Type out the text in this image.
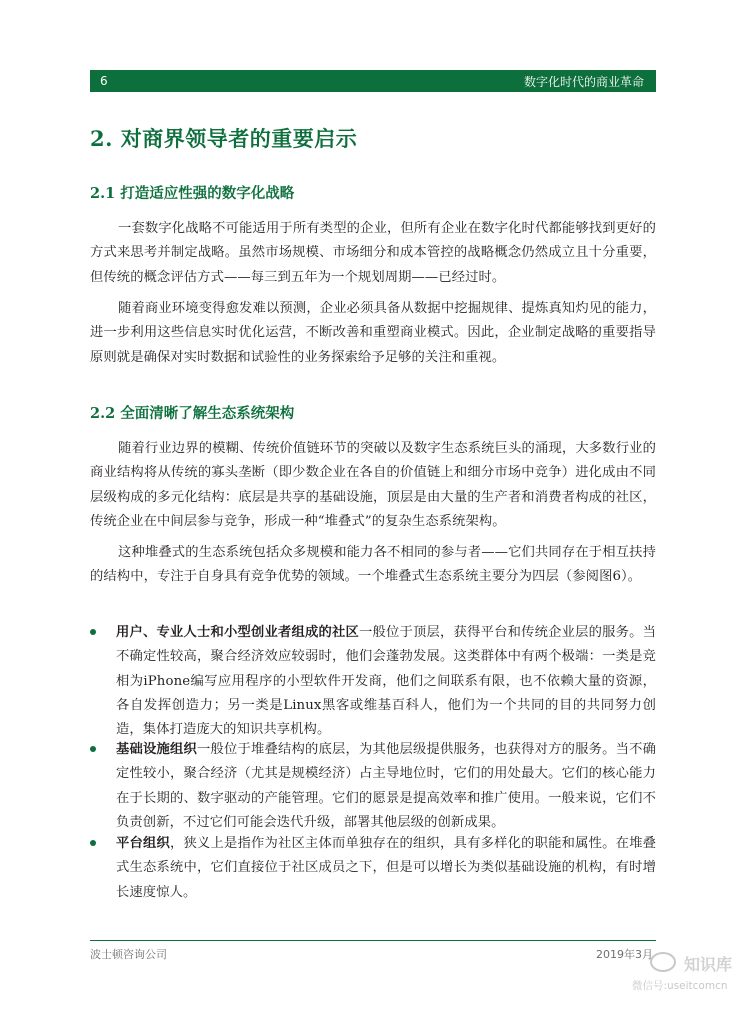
6	数字化时代的商业革命
2. 对商界领导者的重要启示
2.1 打造适应性强的数字化战略

一套数字化战略不可能适用于所有类型的企业，但所有企业在数字化时代都能够找到更好的方式来思考并制定战略。虽然市场规模、市场细分和成本管控的战略概念仍然成立且十分重要，但传统的概念评估方式——每三到五年为一个规划周期——已经过时。

随着商业环境变得愈发难以预测，企业必须具备从数据中挖掘规律、提炼真知灼见的能力，进一步利用这些信息实时优化运营，不断改善和重塑商业模式。因此，企业制定战略的重要指导原则就是确保对实时数据和试验性的业务探索给予足够的关注和重视。

2.2 全面清晰了解生态系统架构

随着行业边界的模糊、传统价值链环节的突破以及数字生态系统巨头的涌现，大多数行业的商业结构将从传统的寡头垄断（即少数企业在各自的价值链上和细分市场中竞争）进化成由不同层级构成的多元化结构：底层是共享的基础设施，顶层是由大量的生产者和消费者构成的社区，传统企业在中间层参与竞争，形成一种“堆叠式”的复杂生态系统架构。

这种堆叠式的生态系统包括众多规模和能力各不相同的参与者——它们共同存在于相互扶持的结构中，专注于自身具有竞争优势的领域。一个堆叠式生态系统主要分为四层（参阅图6）。

用户、专业人士和小型创业者组成的社区一般位于顶层，获得平台和传统企业层的服务。当不确定性较高，聚合经济效应较弱时，他们会蓬勃发展。这类群体中有两个极端：一类是竞相为iPhone编写应用程序的小型软件开发商，他们之间联系有限，也不依赖大量的资源，各自发挥创造力；另一类是Linux黑客或维基百科人，他们为一个共同的目的共同努力创造，集体打造庞大的知识共享机构。

基础设施组织一般位于堆叠结构的底层，为其他层级提供服务，也获得对方的服务。当不确定性较小，聚合经济（尤其是规模经济）占主导地位时，它们的用处最大。它们的核心能力在于长期的、数字驱动的产能管理。它们的愿景是提高效率和推广使用。一般来说，它们不负责创新，不过它们可能会迭代升级，部署其他层级的创新成果。

平台组织，狭义上是指作为社区主体而单独存在的组织，具有多样化的职能和属性。在堆叠式生态系统中，它们直接位于社区成员之下，但是可以增长为类似基础设施的机构，有时增长速度惊人。

波士顿咨询公司	2019年3月
知识库
微信号:useitcomcn
